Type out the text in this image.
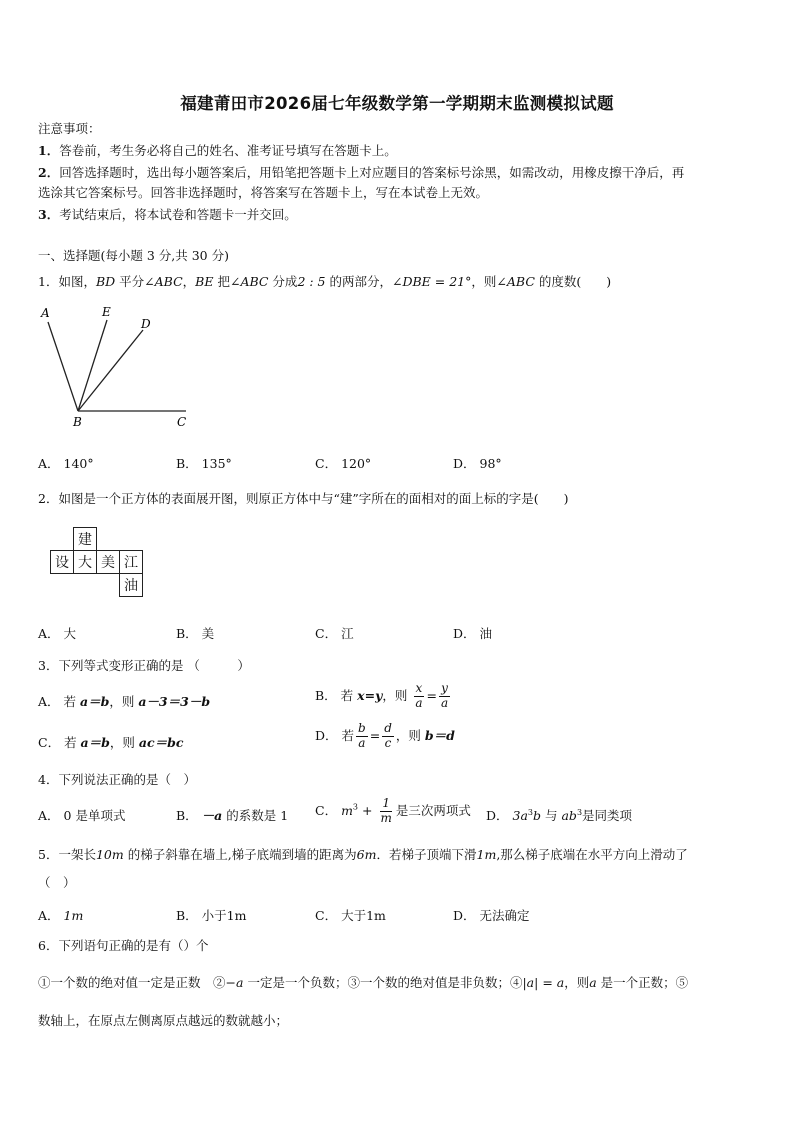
福建莆田市2026届七年级数学第一学期期末监测模拟试题
注意事项：
1．答卷前，考生务必将自己的姓名、准考证号填写在答题卡上。
2．回答选择题时，选出每小题答案后，用铅笔把答题卡上对应题目的答案标号涂黑，如需改动，用橡皮擦干净后，再
选涂其它答案标号。回答非选择题时，将答案写在答题卡上，写在本试卷上无效。
3．考试结束后，将本试卷和答题卡一并交回。
一、选择题(每小题 3 分,共 30 分)
1．如图，BD 平分∠ABC，BE 把∠ABC 分成2 : 5 的两部分，∠DBE = 21°，则∠ABC 的度数(　　)
A	E
D
B	C
A． 140°	B． 135°	C． 120°	D． 98°
2．如图是一个正方体的表面展开图，则原正方体中与“建”字所在的面相对的面上标的字是(　　)
	建		
设	大	美	江
			油
A． 大	B． 美	C． 江	D． 油
3．下列等式变形正确的是 （　　　）
A． 若 a＝b，则 a－3＝3－b	B． 若 x=y，则 $\frac{x}{a} = \frac{y}{a}$
C． 若 a＝b，则 ac＝bc	D． 若 $\frac{b}{a} = \frac{d}{c}$ ，则 b＝d
4．下列说法正确的是（　）
A． 0 是单项式	B． －a 的系数是 1 C． $m^3 + \frac{1}{m}$ 是三次两项式 D． $3a^3b$ 与 $ab^3$是同类项
5．一架长10m 的梯子斜靠在墙上,梯子底端到墙的距离为6m．若梯子顶端下滑1m,那么梯子底端在水平方向上滑动了
（　）
A． 1m	B． 小于1m	C． 大于1m	D． 无法确定
6．下列语句正确的是有（）个
①一个数的绝对值一定是正数　 ②−a 一定是一个负数；③一个数的绝对值是非负数；④|a| = a，则a 是一个正数；⑤
数轴上，在原点左侧离原点越远的数就越小；
